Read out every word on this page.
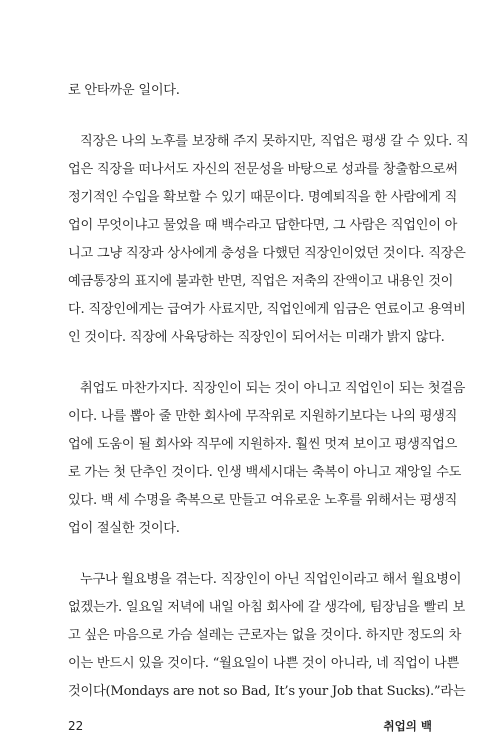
로 안타까운 일이다.
직장은 나의 노후를 보장해 주지 못하지만, 직업은 평생 갈 수 있다. 직
업은 직장을 떠나서도 자신의 전문성을 바탕으로 성과를 창출함으로써
정기적인 수입을 확보할 수 있기 때문이다. 명예퇴직을 한 사람에게 직
업이 무엇이냐고 물었을 때 백수라고 답한다면, 그 사람은 직업인이 아
니고 그냥 직장과 상사에게 충성을 다했던 직장인이었던 것이다. 직장은
예금통장의 표지에 불과한 반면, 직업은 저축의 잔액이고 내용인 것이
다. 직장인에게는 급여가 사료지만, 직업인에게 임금은 연료이고 용역비
인 것이다. 직장에 사육당하는 직장인이 되어서는 미래가 밝지 않다.
취업도 마찬가지다. 직장인이 되는 것이 아니고 직업인이 되는 첫걸음
이다. 나를 뽑아 줄 만한 회사에 무작위로 지원하기보다는 나의 평생직
업에 도움이 될 회사와 직무에 지원하자. 훨씬 멋져 보이고 평생직업으
로 가는 첫 단추인 것이다. 인생 백세시대는 축복이 아니고 재앙일 수도
있다. 백 세 수명을 축복으로 만들고 여유로운 노후를 위해서는 평생직
업이 절실한 것이다.
누구나 월요병을 겪는다. 직장인이 아닌 직업인이라고 해서 월요병이
없겠는가. 일요일 저녁에 내일 아침 회사에 갈 생각에, 팀장님을 빨리 보
고 싶은 마음으로 가슴 설레는 근로자는 없을 것이다. 하지만 정도의 차
이는 반드시 있을 것이다. “월요일이 나쁜 것이 아니라, 네 직업이 나쁜
것이다(Mondays are not so Bad, It’s your Job that Sucks).”라는
22	취업의 백
